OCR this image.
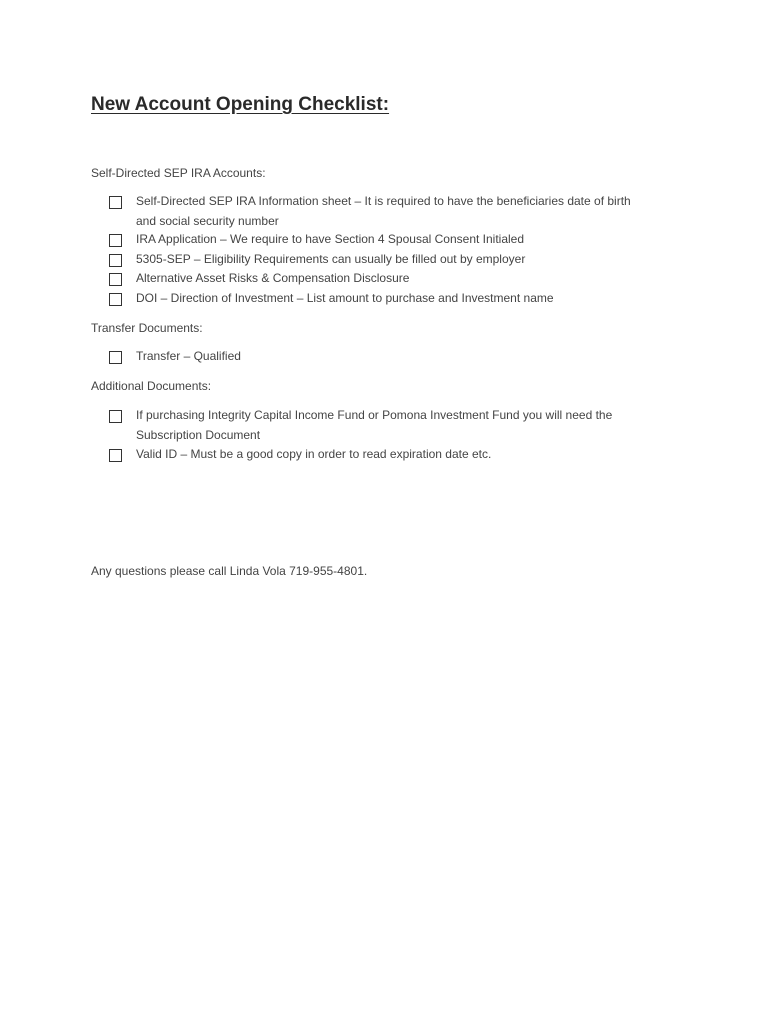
New Account Opening Checklist:

Self-Directed SEP IRA Accounts:

Self-Directed SEP IRA Information sheet – It is required to have the beneficiaries date of birth
and social security number
IRA Application – We require to have Section 4 Spousal Consent Initialed
5305-SEP – Eligibility Requirements can usually be filled out by employer
Alternative Asset Risks & Compensation Disclosure
DOI – Direction of Investment – List amount to purchase and Investment name

Transfer Documents:

Transfer – Qualified

Additional Documents:

If purchasing Integrity Capital Income Fund or Pomona Investment Fund you will need the
Subscription Document
Valid ID – Must be a good copy in order to read expiration date etc.

Any questions please call Linda Vola 719-955-4801.
